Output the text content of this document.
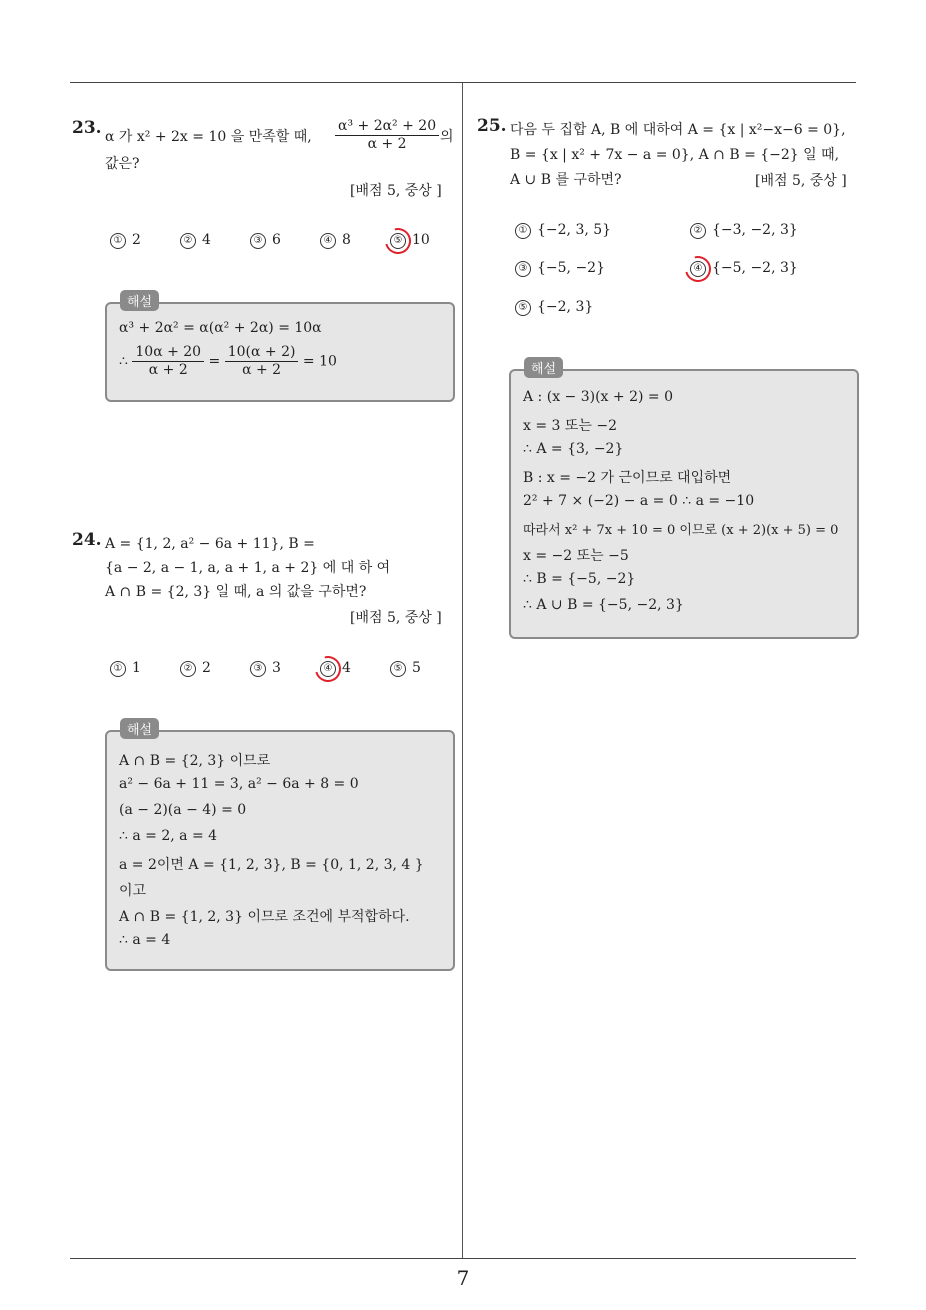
7
23. α 가 x² + 2x = 10 을 만족할 때, $\frac{\text{α³ + 2α² + 20}}{\alpha + 2}$ 의
값은?
[배점 5, 중상 ]
① 2	② 4	③ 6	④ 8	⑤ 10
α³ + 2α² = α(α² + 2α) = 10α
∴ $\frac{10\alpha + 20}{\alpha + 2} = \frac{10(\alpha + 2)}{\alpha + 2} = 10$
해설
24. A = {1, 2, a² − 6a + 11}, B =
{a − 2, a − 1, a, a + 1, a + 2} 에 대 하 여
A ∩ B = {2, 3} 일 때, a 의 값을 구하면?
[배점 5, 중상 ]
① 1	② 2	③ 3	④ 4	⑤ 5
A ∩ B = {2, 3} 이므로
a² − 6a + 11 = 3, a² − 6a + 8 = 0
(a − 2)(a − 4) = 0
∴ a = 2, a = 4
a = 2이면 A = {1, 2, 3}, B = {0, 1, 2, 3, 4 }
이고
A ∩ B = {1, 2, 3} 이므로 조건에 부적합하다.
∴ a = 4
해설
25. 다음 두 집합 A, B 에 대하여 A = {x | x²−x−6 = 0},
B = {x | x² + 7x − a = 0}, A ∩ B = {−2} 일 때,
A ∪ B 를 구하면?	[배점 5, 중상 ]
① {−2, 3, 5}	② {−3, −2, 3}
③ {−5, −2}	④ {−5, −2, 3}
⑤ {−2, 3}
A : (x − 3)(x + 2) = 0
x = 3 또는 −2
∴ A = {3, −2}
B : x = −2 가 근이므로 대입하면
2² + 7 × (−2) − a = 0 ∴ a = −10
따라서 x² + 7x + 10 = 0 이므로 (x + 2)(x + 5) = 0
x = −2 또는 −5
∴ B = {−5, −2}
∴ A ∪ B = {−5, −2, 3}
해설
